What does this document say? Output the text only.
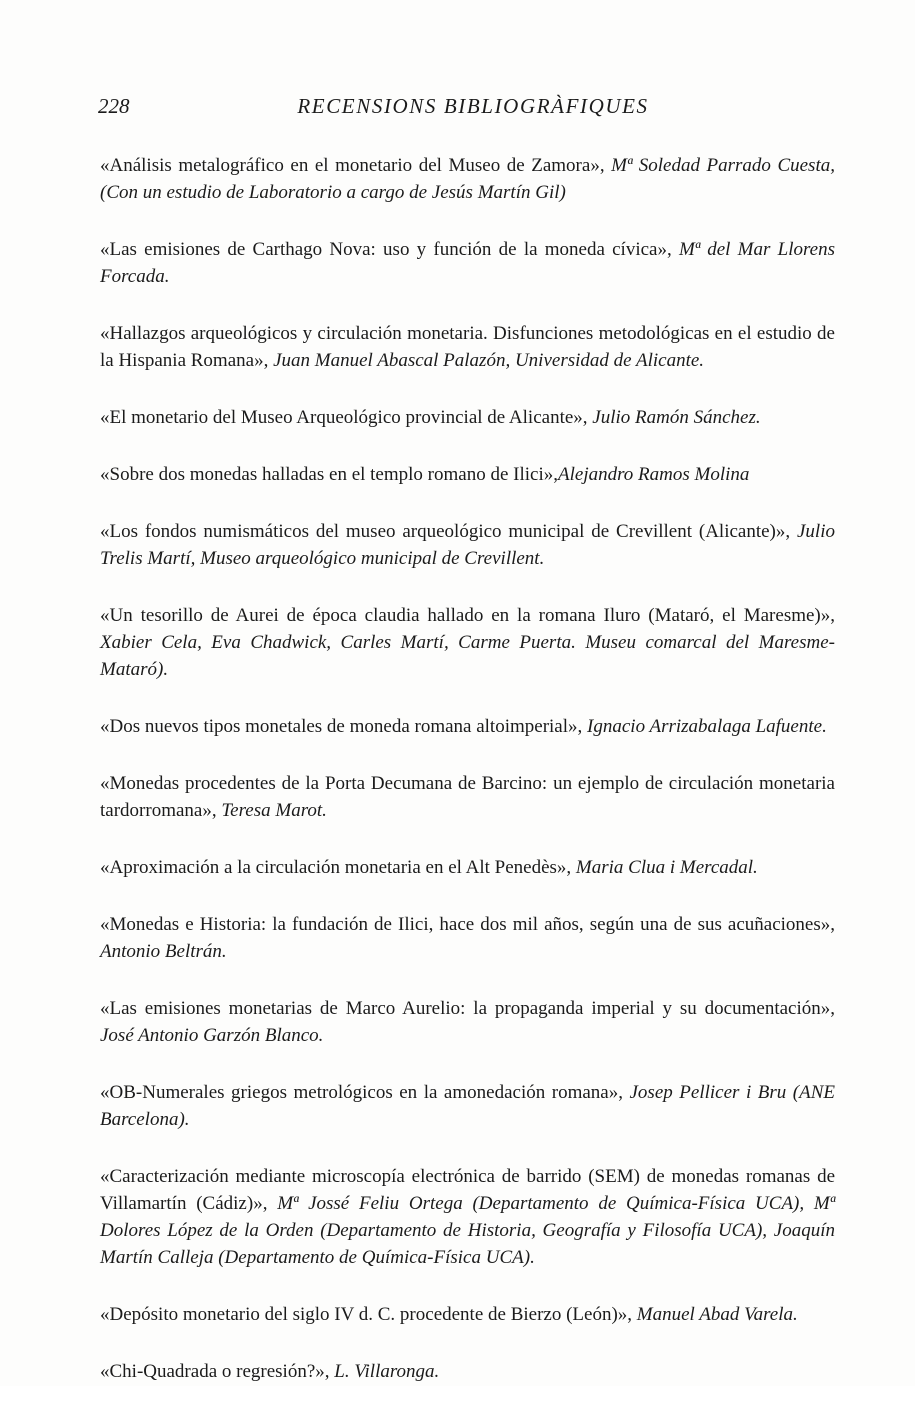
228	RECENSIONS BIBLIOGRÀFIQUES

«Análisis metalográfico en el monetario del Museo de Zamora», Mª Soledad Parrado Cuesta, (Con un estudio de Laboratorio a cargo de Jesús Martín Gil)

«Las emisiones de Carthago Nova: uso y función de la moneda cívica», Mª del Mar Llorens Forcada.

«Hallazgos arqueológicos y circulación monetaria. Disfunciones metodológicas en el estudio de la Hispania Romana», Juan Manuel Abascal Palazón, Universidad de Alicante.

«El monetario del Museo Arqueológico provincial de Alicante», Julio Ramón Sánchez.

«Sobre dos monedas halladas en el templo romano de Ilici»,Alejandro Ramos Molina

«Los fondos numismáticos del museo arqueológico municipal de Crevillent (Alicante)», Julio Trelis Martí, Museo arqueológico municipal de Crevillent.

«Un tesorillo de Aurei de época claudia hallado en la romana Iluro (Mataró, el Maresme)», Xabier Cela, Eva Chadwick, Carles Martí, Carme Puerta. Museu comarcal del Maresme-Mataró).

«Dos nuevos tipos monetales de moneda romana altoimperial», Ignacio Arrizabalaga Lafuente.

«Monedas procedentes de la Porta Decumana de Barcino: un ejemplo de circulación monetaria tardorromana», Teresa Marot.

«Aproximación a la circulación monetaria en el Alt Penedès», Maria Clua i Mercadal.

«Monedas e Historia: la fundación de Ilici, hace dos mil años, según una de sus acuñaciones», Antonio Beltrán.

«Las emisiones monetarias de Marco Aurelio: la propaganda imperial y su documentación», José Antonio Garzón Blanco.

«OB-Numerales griegos metrológicos en la amonedación romana», Josep Pellicer i Bru (ANE Barcelona).

«Caracterización mediante microscopía electrónica de barrido (SEM) de monedas romanas de Villamartín (Cádiz)», Mª Jossé Feliu Ortega (Departamento de Química-Física UCA), Mª Dolores López de la Orden (Departamento de Historia, Geografía y Filosofía UCA), Joaquín Martín Calleja (Departamento de Química-Física UCA).

«Depósito monetario del siglo IV d. C. procedente de Bierzo (León)», Manuel Abad Varela.

«Chi-Quadrada o regresión?», L. Villaronga.
